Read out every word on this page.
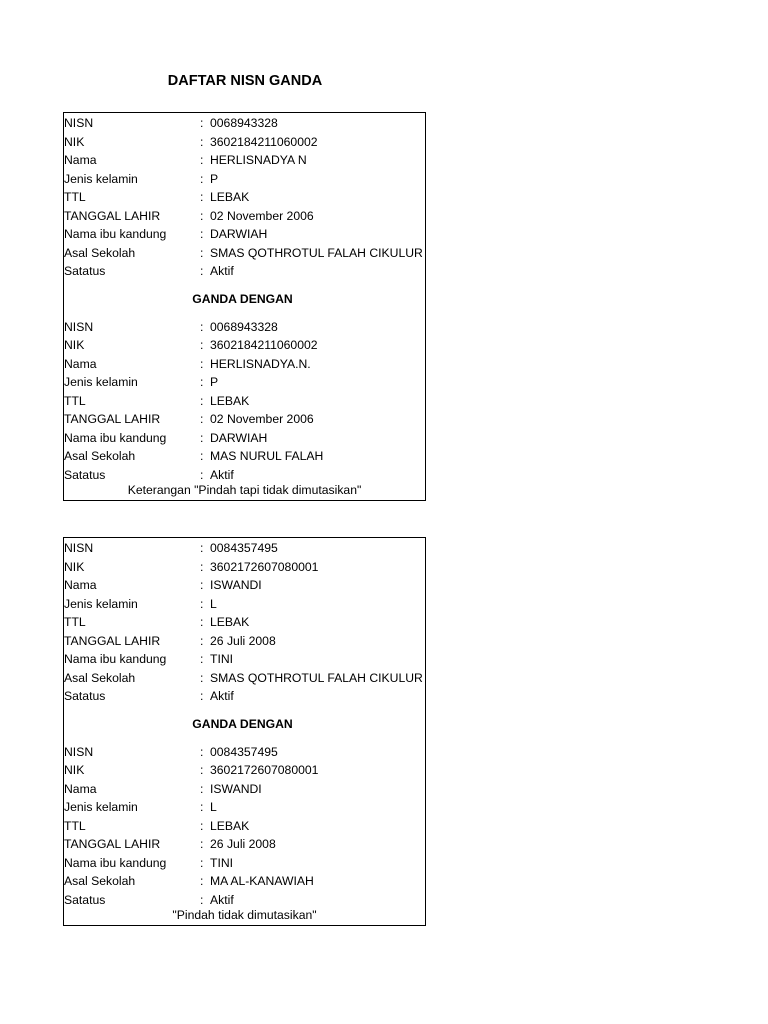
DAFTAR NISN GANDA
NISN	: 0068943328
NIK	: 3602184211060002
Nama	: HERLISNADYA N
Jenis kelamin	: P
TTL	: LEBAK
TANGGAL LAHIR	: 02 November 2006
Nama ibu kandung	: DARWIAH
Asal Sekolah	: SMAS QOTHROTUL FALAH CIKULUR
Satatus	: Aktif
GANDA DENGAN
NISN	: 0068943328
NIK	: 3602184211060002
Nama	: HERLISNADYA.N.
Jenis kelamin	: P
TTL	: LEBAK
TANGGAL LAHIR	: 02 November 2006
Nama ibu kandung	: DARWIAH
Asal Sekolah	: MAS NURUL FALAH
Satatus	: Aktif
Keterangan "Pindah tapi tidak dimutasikan"
NISN	: 0084357495
NIK	: 3602172607080001
Nama	: ISWANDI
Jenis kelamin	: L
TTL	: LEBAK
TANGGAL LAHIR	: 26 Juli 2008
Nama ibu kandung	: TINI
Asal Sekolah	: SMAS QOTHROTUL FALAH CIKULUR
Satatus	: Aktif
GANDA DENGAN
NISN	: 0084357495
NIK	: 3602172607080001
Nama	: ISWANDI
Jenis kelamin	: L
TTL	: LEBAK
TANGGAL LAHIR	: 26 Juli 2008
Nama ibu kandung	: TINI
Asal Sekolah	: MA AL-KANAWIAH
Satatus	: Aktif
"Pindah tidak dimutasikan"
